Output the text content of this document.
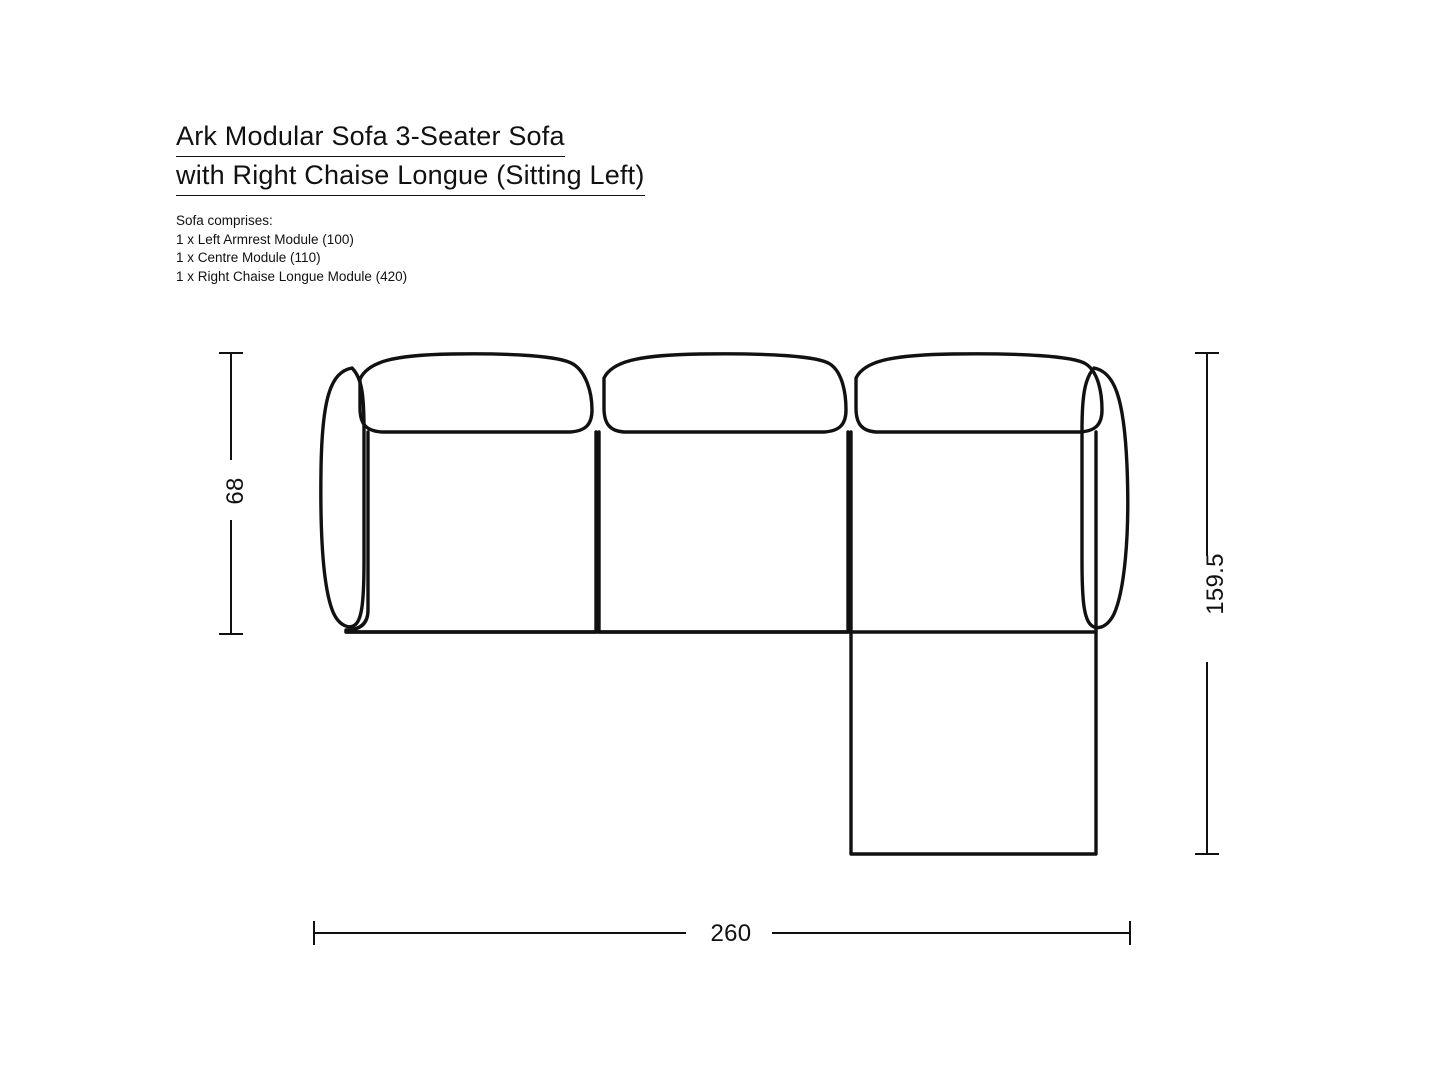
Ark Modular Sofa 3-Seater Sofa
with Right Chaise Longue (Sitting Left)
Sofa comprises:
1 x Left Armrest Module (100)
1 x Centre Module (110)
1 x Right Chaise Longue Module (420)
68
159.5
260
